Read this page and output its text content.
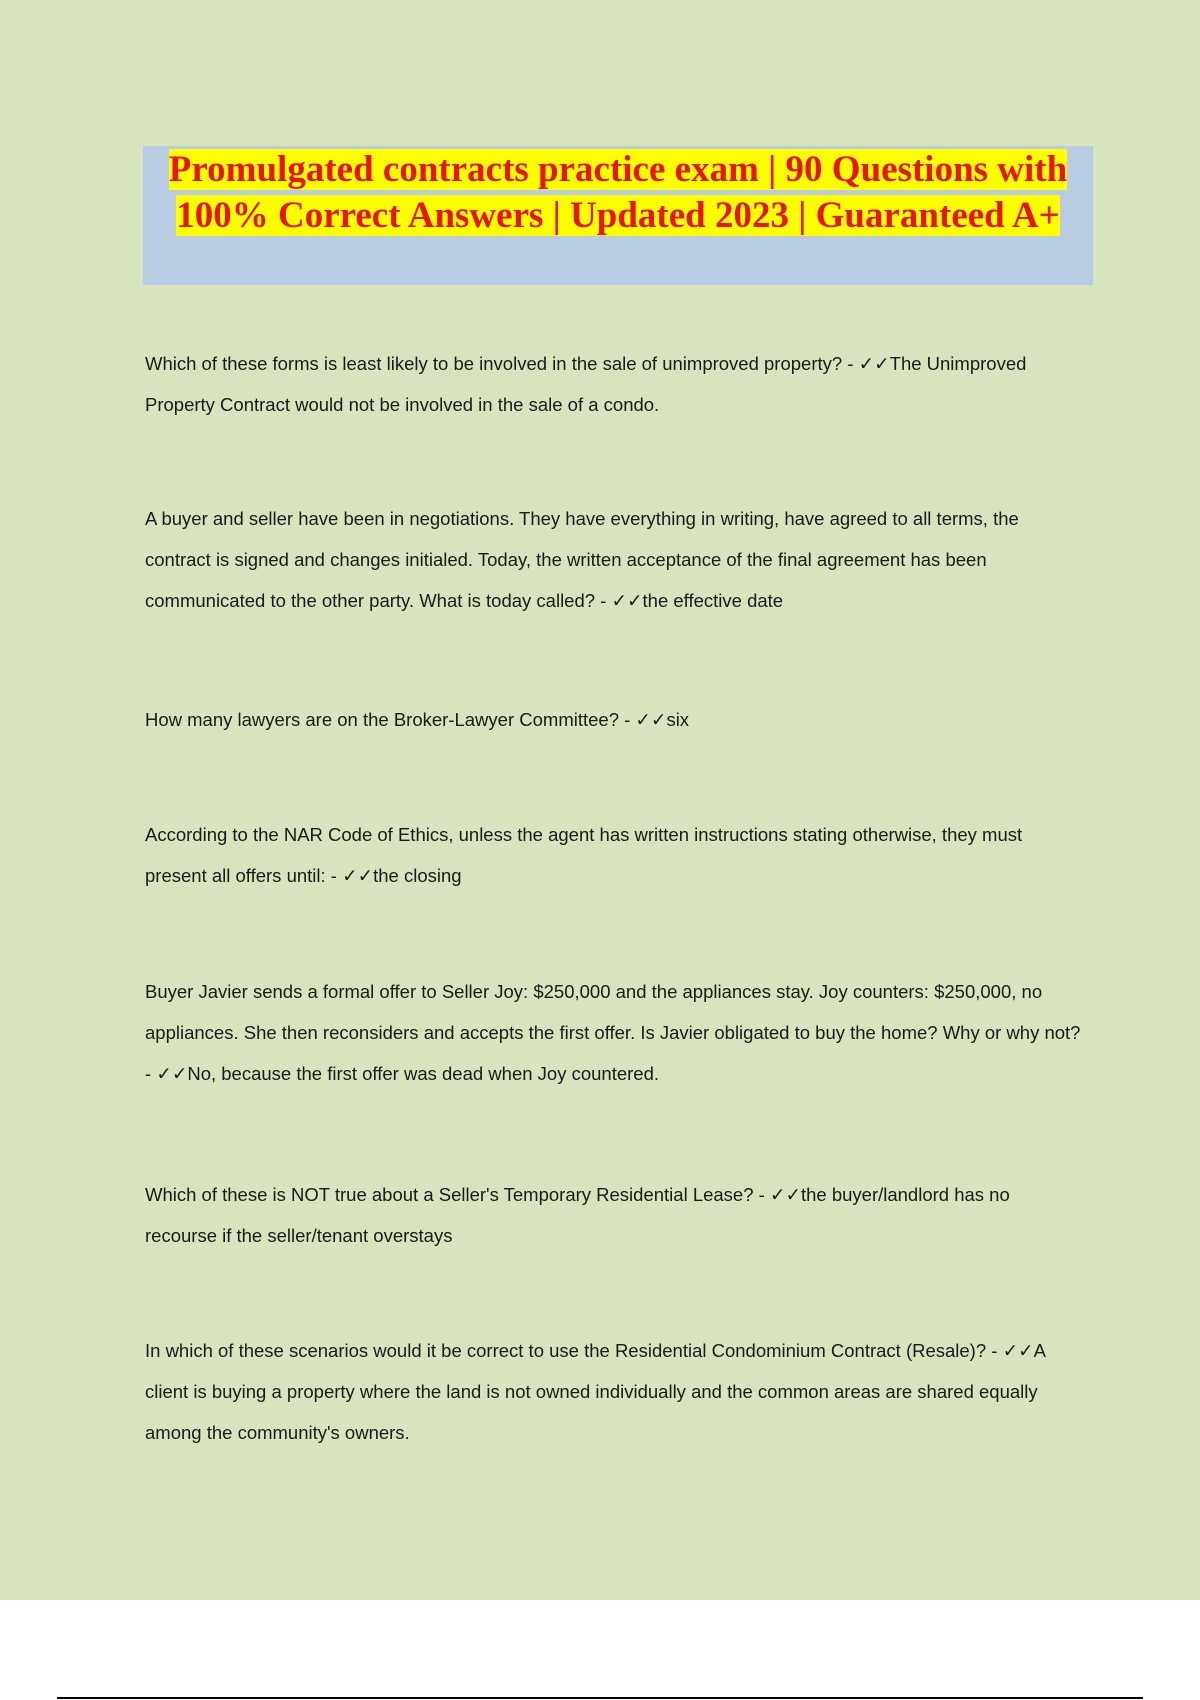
Promulgated contracts practice exam | 90 Questions with 100% Correct Answers | Updated 2023 | Guaranteed A+

Which of these forms is least likely to be involved in the sale of unimproved property? - ✓✓The Unimproved Property Contract would not be involved in the sale of a condo.

A buyer and seller have been in negotiations. They have everything in writing, have agreed to all terms, the contract is signed and changes initialed. Today, the written acceptance of the final agreement has been communicated to the other party. What is today called? - ✓✓the effective date

How many lawyers are on the Broker-Lawyer Committee? - ✓✓six

According to the NAR Code of Ethics, unless the agent has written instructions stating otherwise, they must present all offers until: - ✓✓the closing

Buyer Javier sends a formal offer to Seller Joy: $250,000 and the appliances stay. Joy counters: $250,000, no appliances. She then reconsiders and accepts the first offer. Is Javier obligated to buy the home? Why or why not? - ✓✓No, because the first offer was dead when Joy countered.

Which of these is NOT true about a Seller's Temporary Residential Lease? - ✓✓the buyer/landlord has no recourse if the seller/tenant overstays

In which of these scenarios would it be correct to use the Residential Condominium Contract (Resale)? - ✓✓A client is buying a property where the land is not owned individually and the common areas are shared equally among the community's owners.
